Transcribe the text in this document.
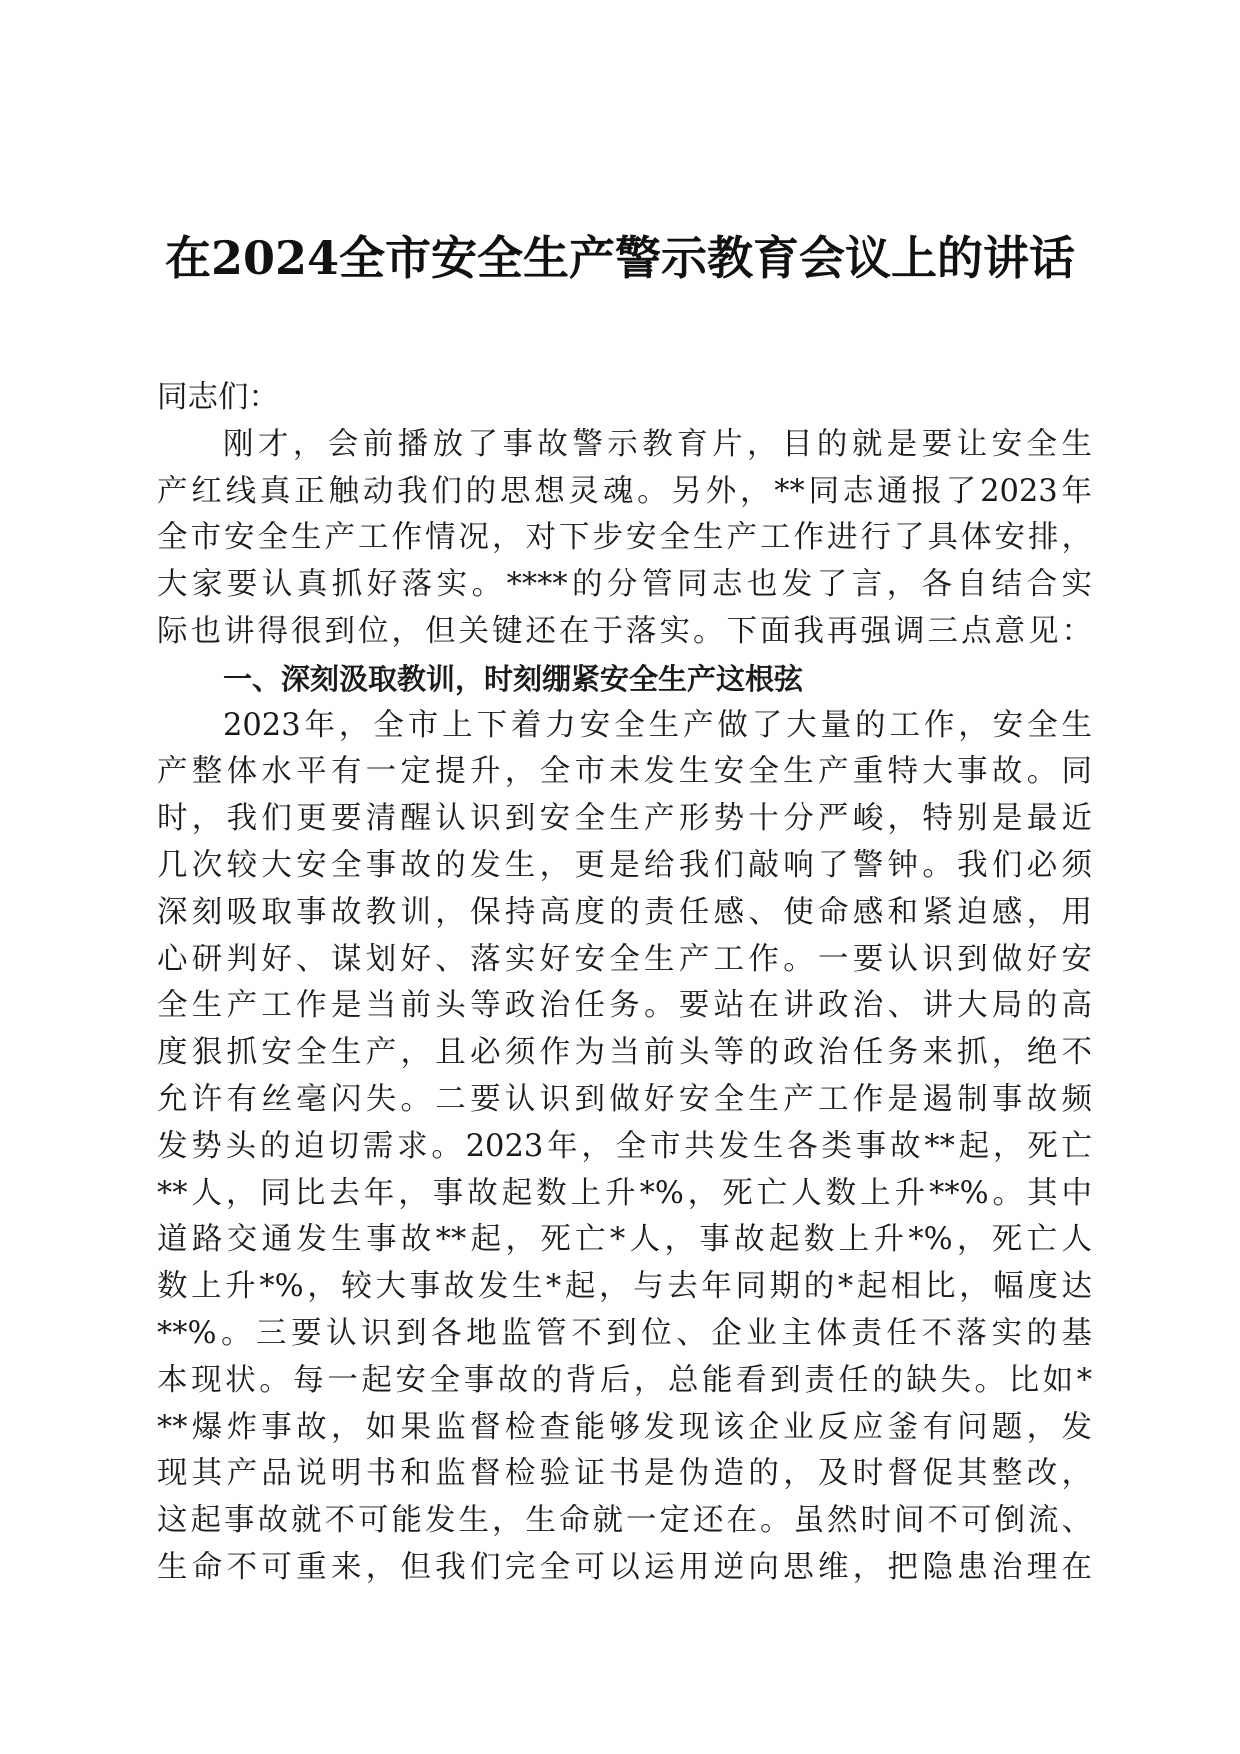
在2024全市安全生产警示教育会议上的讲话
同志们：
刚才，会前播放了事故警示教育片，目的就是要让安全生
产红线真正触动我们的思想灵魂。另外，**同志通报了2023年
全市安全生产工作情况，对下步安全生产工作进行了具体安排，
大家要认真抓好落实。****的分管同志也发了言，各自结合实
际也讲得很到位，但关键还在于落实。下面我再强调三点意见：
一、深刻汲取教训，时刻绷紧安全生产这根弦
2023年，全市上下着力安全生产做了大量的工作，安全生
产整体水平有一定提升，全市未发生安全生产重特大事故。同
时，我们更要清醒认识到安全生产形势十分严峻，特别是最近
几次较大安全事故的发生，更是给我们敲响了警钟。我们必须
深刻吸取事故教训，保持高度的责任感、使命感和紧迫感，用
心研判好、谋划好、落实好安全生产工作。一要认识到做好安
全生产工作是当前头等政治任务。要站在讲政治、讲大局的高
度狠抓安全生产，且必须作为当前头等的政治任务来抓，绝不
允许有丝毫闪失。二要认识到做好安全生产工作是遏制事故频
发势头的迫切需求。2023年，全市共发生各类事故**起，死亡
**人，同比去年，事故起数上升*%，死亡人数上升**%。其中
道路交通发生事故**起，死亡*人，事故起数上升*%，死亡人
数上升*%，较大事故发生*起，与去年同期的*起相比，幅度达
**%。三要认识到各地监管不到位、企业主体责任不落实的基
本现状。每一起安全事故的背后，总能看到责任的缺失。比如*
**爆炸事故，如果监督检查能够发现该企业反应釜有问题，发
现其产品说明书和监督检验证书是伪造的，及时督促其整改，
这起事故就不可能发生，生命就一定还在。虽然时间不可倒流、
生命不可重来，但我们完全可以运用逆向思维，把隐患治理在
